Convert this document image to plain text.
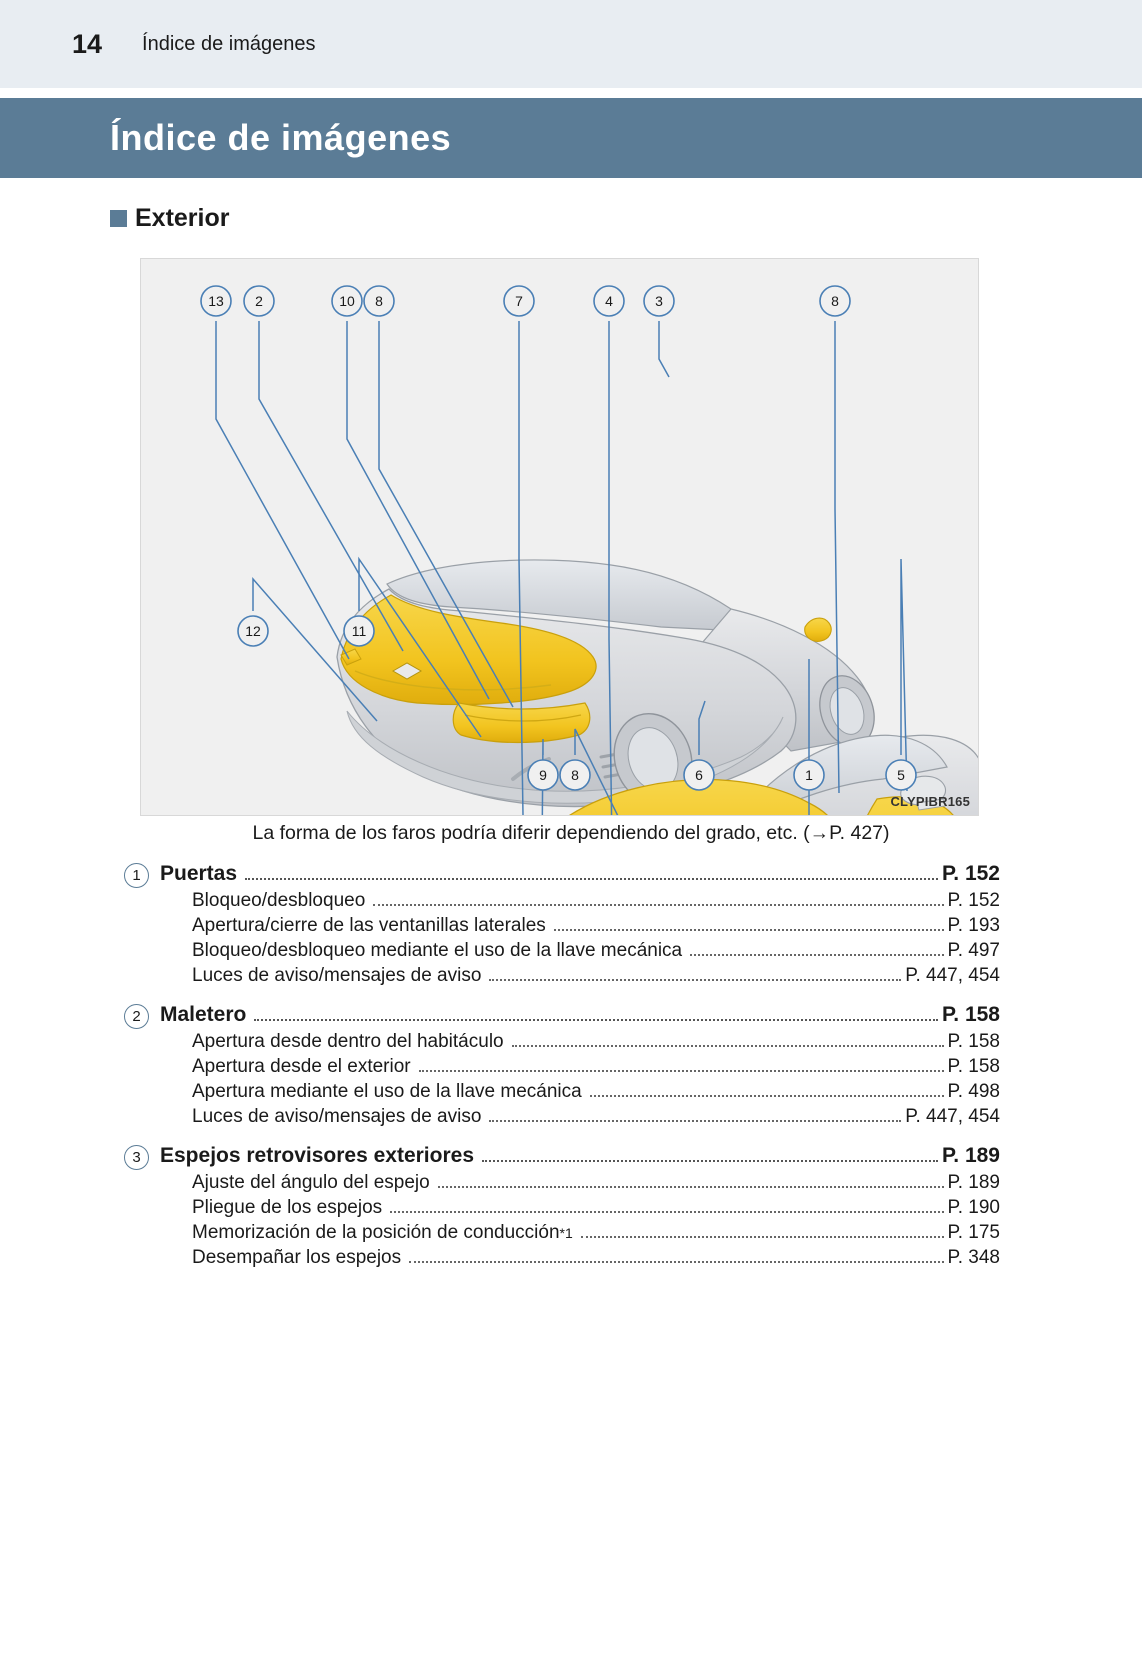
14 Índice de imágenes
Índice de imágenes
Exterior
13 2	10 8	7	4	3	8
12	11
9 8	6	1	5
CLYPIBR165
La forma de los faros podría diferir dependiendo del grado, etc. (→P. 427)
1 Puertas	P. 152
Bloqueo/desbloqueo	P. 152
Apertura/cierre de las ventanillas laterales	P. 193
Bloqueo/desbloqueo mediante el uso de la llave mecánica	P. 497
Luces de aviso/mensajes de aviso	P. 447, 454
2 Maletero	P. 158
Apertura desde dentro del habitáculo	P. 158
Apertura desde el exterior	P. 158
Apertura mediante el uso de la llave mecánica	P. 498
Luces de aviso/mensajes de aviso	P. 447, 454
3 Espejos retrovisores exteriores	P. 189
Ajuste del ángulo del espejo	P. 189
Pliegue de los espejos	P. 190
Memorización de la posición de conducción *1	P. 175
Desempañar los espejos	P. 348
